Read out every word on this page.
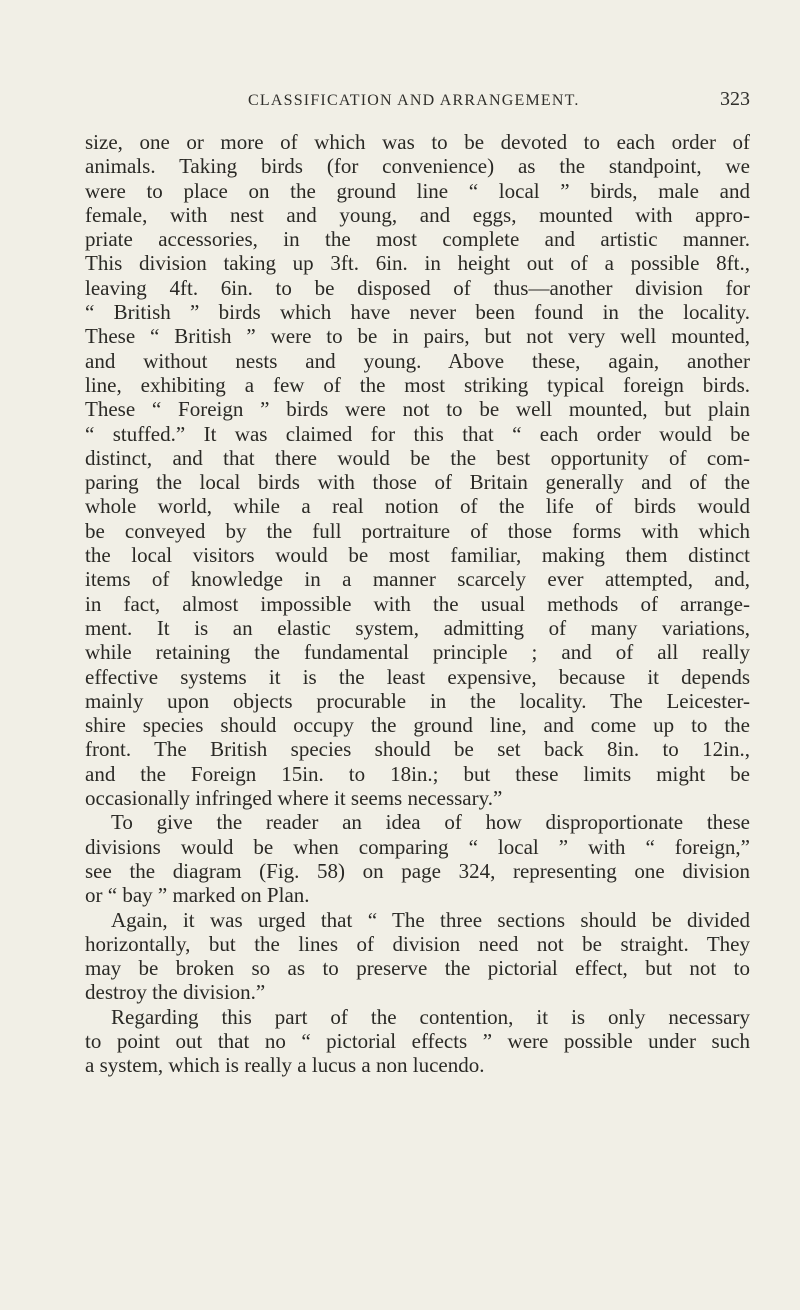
CLASSIFICATION AND ARRANGEMENT.	323
size, one or more of which was to be devoted to each order of
animals. Taking birds (for convenience) as the standpoint, we
were to place on the ground line “ local ” birds, male and
female, with nest and young, and eggs, mounted with appro-
priate accessories, in the most complete and artistic manner.
This division taking up 3ft. 6in. in height out of a possible 8ft.,
leaving 4ft. 6in. to be disposed of thus—another division for
“ British ” birds which have never been found in the locality.
These “ British ” were to be in pairs, but not very well mounted,
and without nests and young. Above these, again, another
line, exhibiting a few of the most striking typical foreign birds.
These “ Foreign ” birds were not to be well mounted, but plain
“ stuffed.” It was claimed for this that “ each order would be
distinct, and that there would be the best opportunity of com-
paring the local birds with those of Britain generally and of the
whole world, while a real notion of the life of birds would
be conveyed by the full portraiture of those forms with which
the local visitors would be most familiar, making them distinct
items of knowledge in a manner scarcely ever attempted, and,
in fact, almost impossible with the usual methods of arrange-
ment. It is an elastic system, admitting of many variations,
while retaining the fundamental principle ; and of all really
effective systems it is the least expensive, because it depends
mainly upon objects procurable in the locality. The Leicester-
shire species should occupy the ground line, and come up to the
front. The British species should be set back 8in. to 12in.,
and the Foreign 15in. to 18in.; but these limits might be
occasionally infringed where it seems necessary.”
To give the reader an idea of how disproportionate these
divisions would be when comparing “ local ” with “ foreign,”
see the diagram (Fig. 58) on page 324, representing one division
or “ bay ” marked on Plan.
Again, it was urged that “ The three sections should be divided
horizontally, but the lines of division need not be straight. They
may be broken so as to preserve the pictorial effect, but not to
destroy the division.”
Regarding this part of the contention, it is only necessary
to point out that no “ pictorial effects ” were possible under such
a system, which is really a lucus a non lucendo.
